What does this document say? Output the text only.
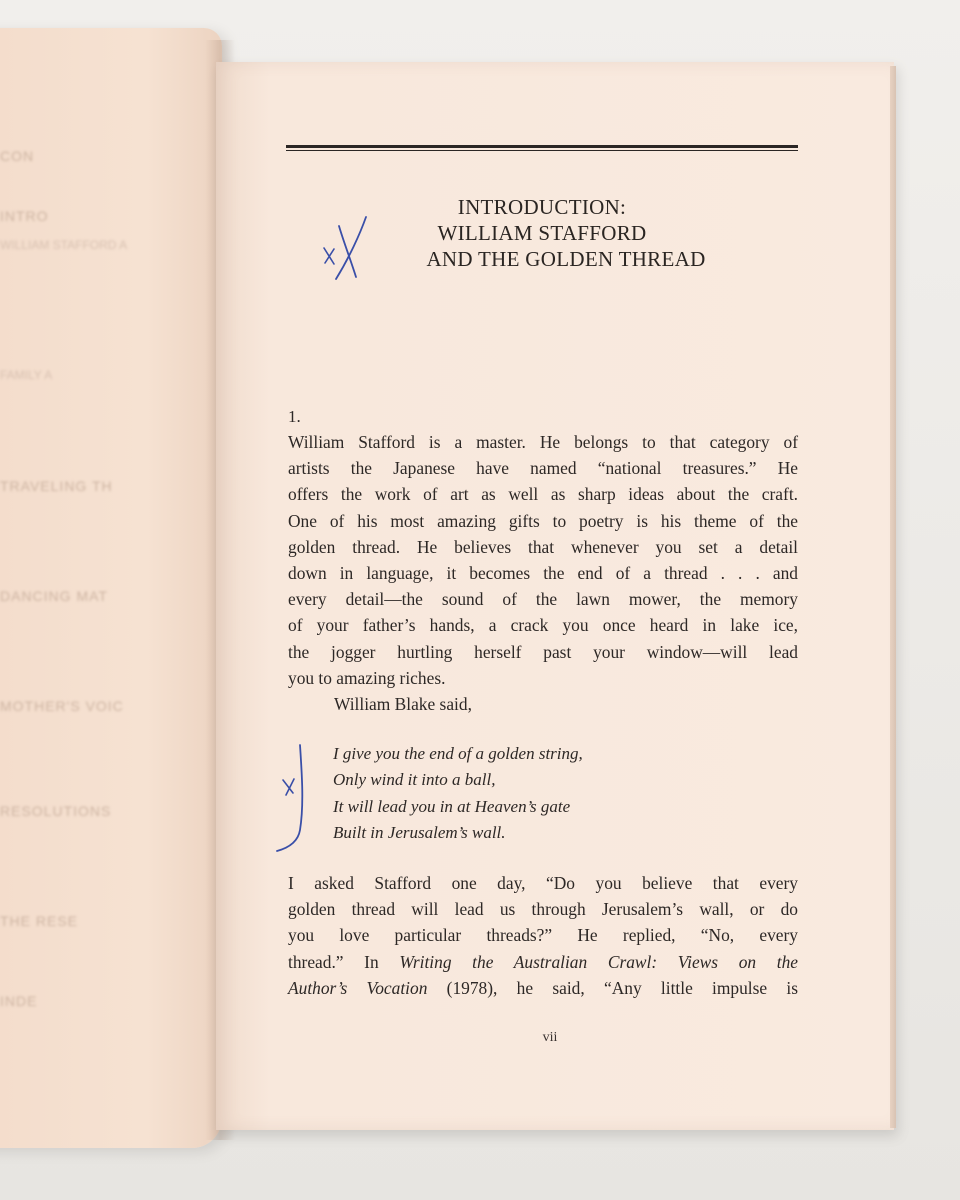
CON
INTRO
WILLIAM STAFFORD A
FAMILY A
TRAVELING TH
DANCING MAT
MOTHER'S VOIC
RESOLUTIONS
THE RESE
INDE
INTRODUCTION:
WILLIAM STAFFORD
AND THE GOLDEN THREAD
1.
William Stafford is a master. He belongs to that category of
artists the Japanese have named “national treasures.” He
offers the work of art as well as sharp ideas about the craft.
One of his most amazing gifts to poetry is his theme of the
golden thread. He believes that whenever you set a detail
down in language, it becomes the end of a thread . . . and
every detail—the sound of the lawn mower, the memory
of your father’s hands, a crack you once heard in lake ice,
the jogger hurtling herself past your window—will lead
you to amazing riches.
William Blake said,
I give you the end of a golden string,
Only wind it into a ball,
It will lead you in at Heaven’s gate
Built in Jerusalem’s wall.
I asked Stafford one day, “Do you believe that every
golden thread will lead us through Jerusalem’s wall, or do
you love particular threads?” He replied, “No, every
thread.” In Writing the Australian Crawl: Views on the
Author’s Vocation (1978), he said, “Any little impulse is
vii
